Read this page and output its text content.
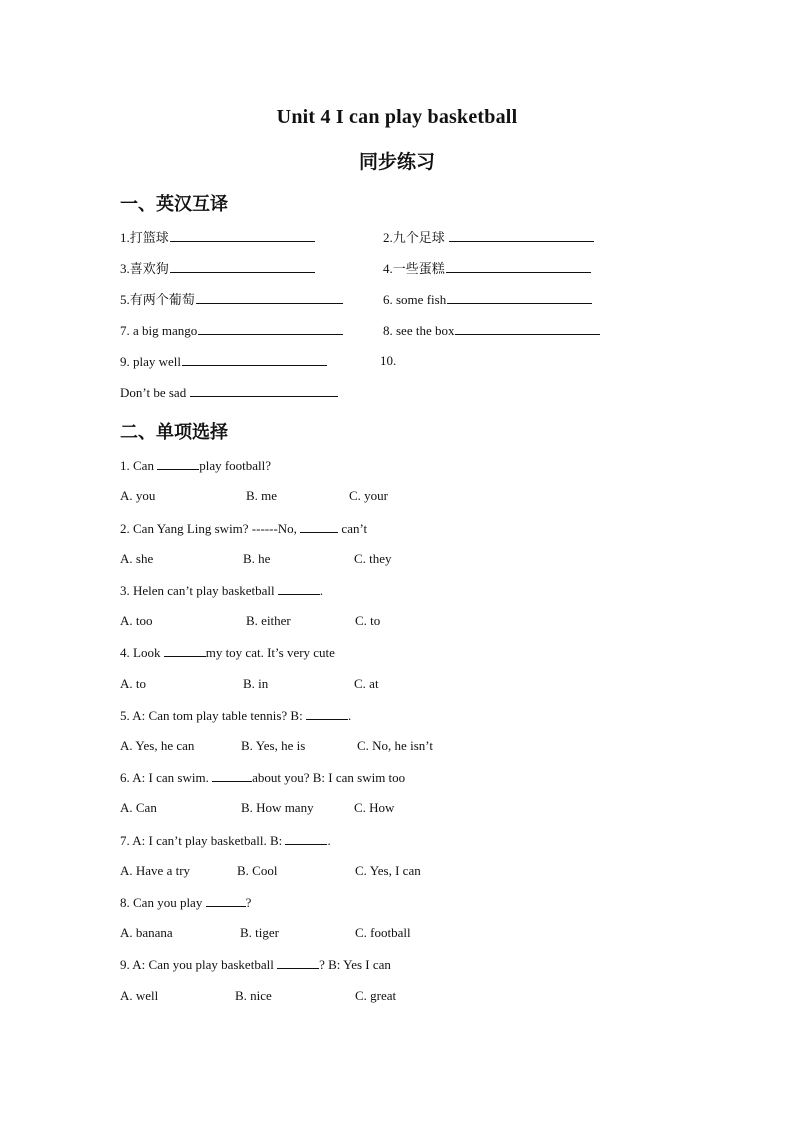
Unit 4 I can play basketball
同步练习
一、英汉互译
1.打篮球	2.九个足球
3.喜欢狗	4.一些蛋糕
5.有两个葡萄	6. some fish
7. a big mango	8. see the box
9. play well	10.
Don’t be sad
二、单项选择
1. Can	play football?
A. you	B. me	C. your
2. Can Yang Ling swim? ------No,	can’t
A. she	B. he	C. they
3. Helen can’t play basketball	.
A. too	B. either	C. to
4. Look	my toy cat. It’s very cute
A. to	B. in	C. at
5. A: Can tom play table tennis? B:	.
A. Yes, he can	B. Yes, he is	C. No, he isn’t
6. A: I can swim.	about you? B: I can swim too
A. Can	B. How many	C. How
7. A: I can’t play basketball. B:	.
A. Have a try	B. Cool	C. Yes, I can
8. Can you play	?
A. banana	B. tiger	C. football
9. A: Can you play basketball	? B: Yes I can
A. well	B. nice	C. great
